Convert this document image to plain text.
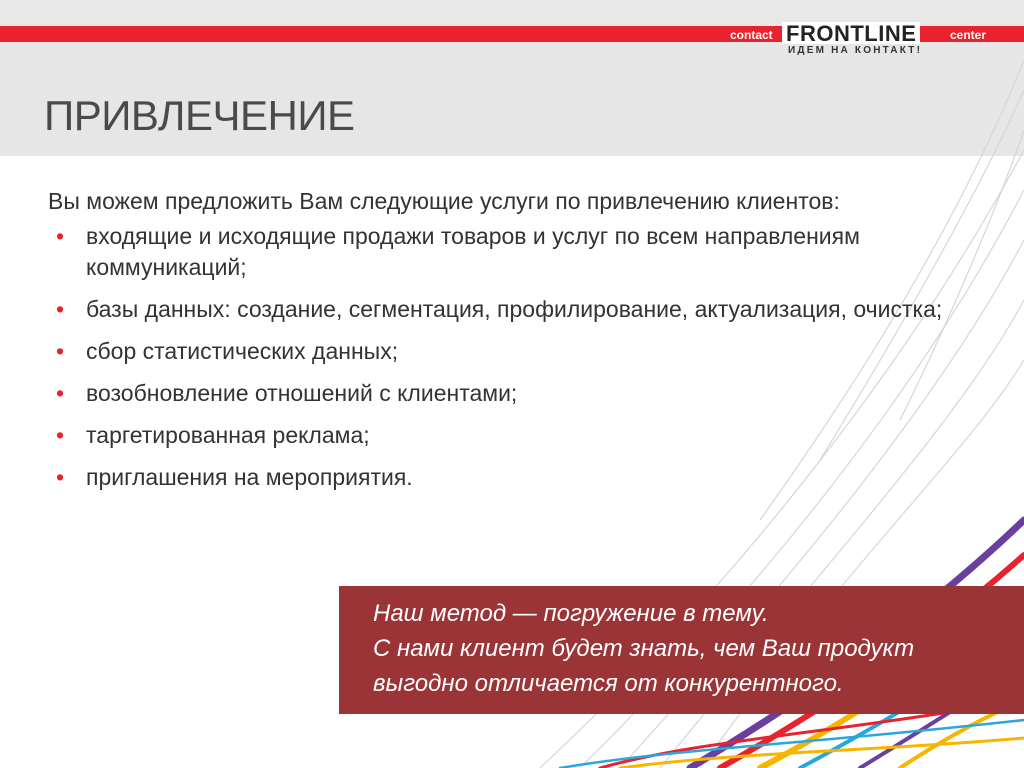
contact FRONTLINE	center
ИДЕМ НА КОНТАКТ!
ПРИВЛЕЧЕНИЕ

Вы можем предложить Вам следующие услуги по привлечению клиентов:

• входящие и исходящие продажи товаров и услуг по всем направлениям коммуникаций;
• базы данных: создание, сегментация, профилирование, актуализация, очистка;
• сбор статистических данных;
• возобновление отношений с клиентами;
• таргетированная реклама;
• приглашения на мероприятия.

Наш метод — погружение в тему.

С нами клиент будет знать, чем Ваш продукт

выгодно отличается от конкурентного.
